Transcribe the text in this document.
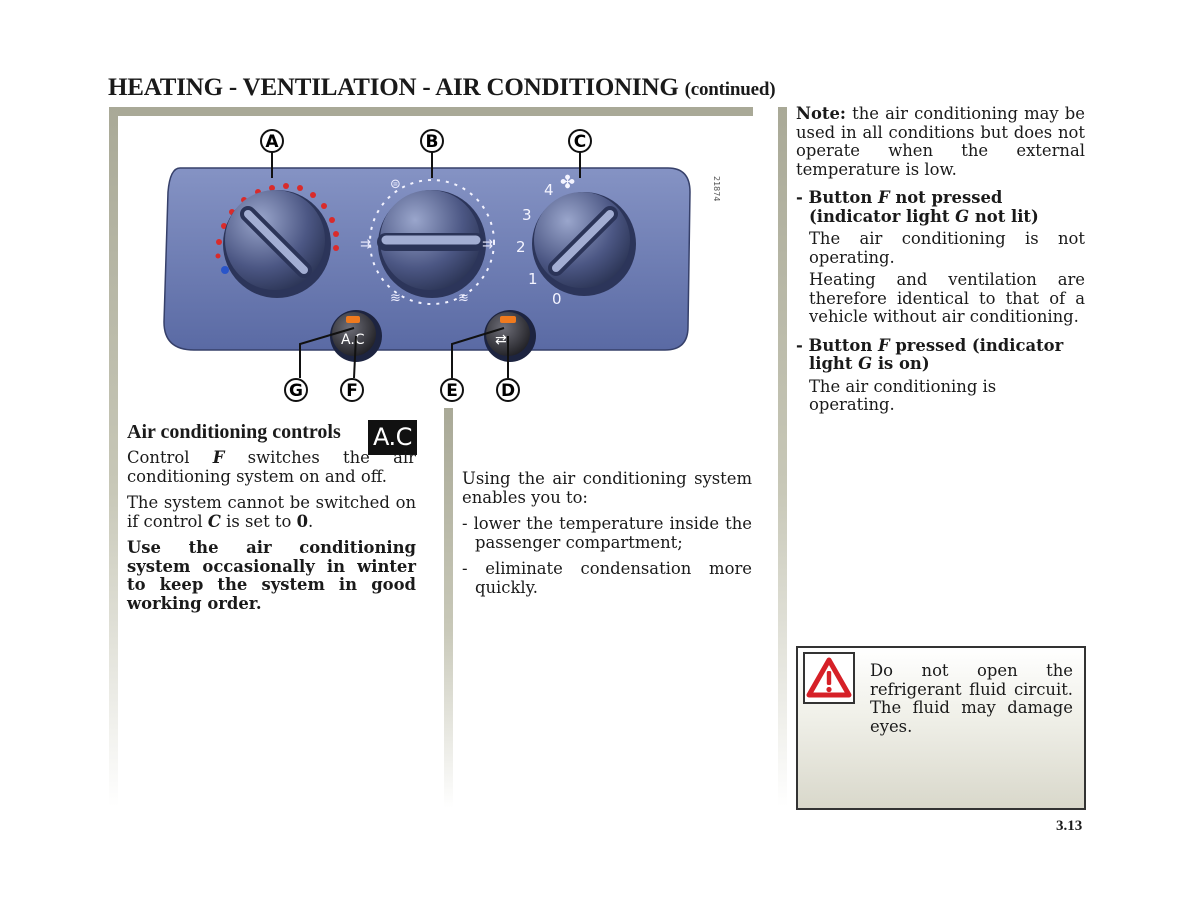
HEATING - VENTILATION - AIR CONDITIONING (continued)
⊜
⇉	⇉
≋	≋
4
3
2
1
0
✤	21874
A.C	⇄
A	B	C
D
E
F
G
Air conditioning controls A.C

Control F switches the air conditioning system on and off.

The system cannot be switched on if control C is set to 0.

Use the air conditioning system occasionally in winter to keep the system in good working order.

Using the air conditioning system enables you to:

- lower the temperature inside the passenger compartment;

- eliminate condensation more quickly.

Note: the air conditioning may be used in all conditions but does not operate when the external temperature is low.

- Button F not pressed (indicator light G not lit)

The air conditioning is not operating.

Heating and ventilation are therefore identical to that of a vehicle without air conditioning.

- Button F pressed (indicator light G is on)

The air conditioning is operating.

Do not open the refrigerant fluid circuit. The fluid may damage eyes.

3.13
